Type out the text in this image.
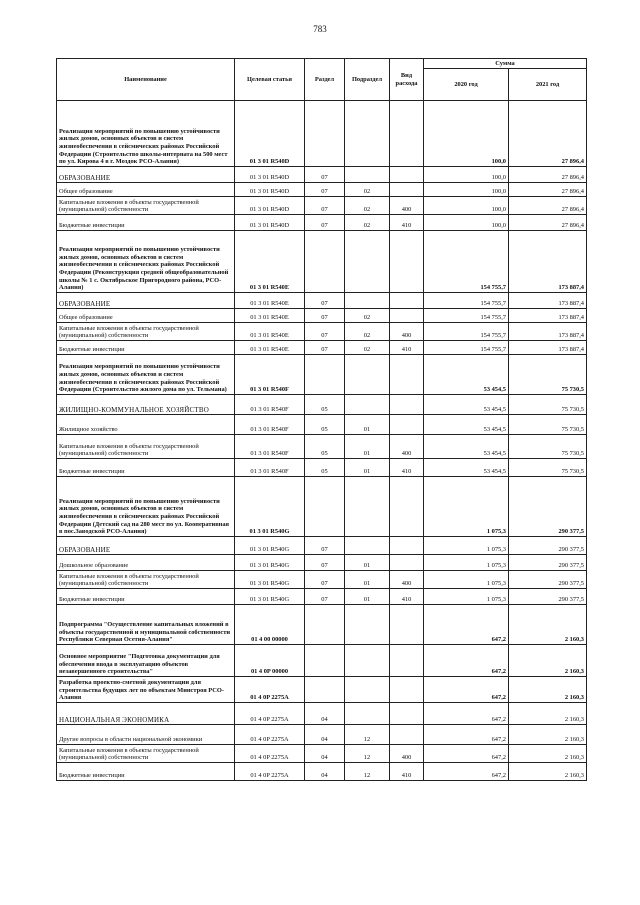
783
Наименование	Целевая статья	Раздел	Подраздел	Вид расхода	Сумма	
					2020 год	2021 год
Реализация мероприятий по повышению устойчивости жилых домов, основных объектов и систем жизнеобеспечения в сейсмических районах Российской Федерации (Строительство школы-интерната на 500 мест по ул. Кирова 4 в г. Моздок РСО-Алания)	01 3 01 R540D				100,0	27 896,4
ОБРАЗОВАНИЕ	01 3 01 R540D	07			100,0	27 896,4
Общее образование	01 3 01 R540D	07	02		100,0	27 896,4
Капитальные вложения в объекты государственной (муниципальной) собственности	01 3 01 R540D	07	02	400	100,0	27 896,4
Бюджетные инвестиции	01 3 01 R540D	07	02	410	100,0	27 896,4
Реализация мероприятий по повышению устойчивости жилых домов, основных объектов и систем жизнеобеспечения в сейсмических районах Российской Федерации (Реконструкция средней общеобразовательной школы № 1 с. Октябрьское Пригородного района, РСО-Алания)	01 3 01 R540E				154 755,7	173 887,4
ОБРАЗОВАНИЕ	01 3 01 R540E	07			154 755,7	173 887,4
Общее образование	01 3 01 R540E	07	02		154 755,7	173 887,4
Капитальные вложения в объекты государственной (муниципальной) собственности	01 3 01 R540E	07	02	400	154 755,7	173 887,4
Бюджетные инвестиции	01 3 01 R540E	07	02	410	154 755,7	173 887,4
Реализация мероприятий по повышению устойчивости жилых домов, основных объектов и систем жизнеобеспечения в сейсмических районах Российской Федерации (Строительство жилого дома по ул. Тельмана)	01 3 01 R540F				53 454,5	75 730,5
ЖИЛИЩНО-КОММУНАЛЬНОЕ ХОЗЯЙСТВО	01 3 01 R540F	05			53 454,5	75 730,5
Жилищное хозяйство	01 3 01 R540F	05	01		53 454,5	75 730,5
Капитальные вложения в объекты государственной (муниципальной) собственности	01 3 01 R540F	05	01	400	53 454,5	75 730,5
Бюджетные инвестиции	01 3 01 R540F	05	01	410	53 454,5	75 730,5
Реализация мероприятий по повышению устойчивости жилых домов, основных объектов и систем жизнеобеспечения в сейсмических районах Российской Федерации (Детский сад на 280 мест по ул. Кооперативная в пос.Заводской РСО-Алания)	01 3 01 R540G				1 075,3	290 377,5
ОБРАЗОВАНИЕ	01 3 01 R540G	07			1 075,3	290 377,5
Дошкольное образование	01 3 01 R540G	07	01		1 075,3	290 377,5
Капитальные вложения в объекты государственной (муниципальной) собственности	01 3 01 R540G	07	01	400	1 075,3	290 377,5
Бюджетные инвестиции	01 3 01 R540G	07	01	410	1 075,3	290 377,5
Подпрограмма "Осуществление капитальных вложений в объекты государственной и муниципальной собственности Республики Северная Осетия-Алания"	01 4 00 00000				647,2	2 160,3
Основное мероприятие "Подготовка документации для обеспечения ввода в эксплуатацию объектов незавершенного строительства"	01 4 0P 00000				647,2	2 160,3
Разработка проектно-сметной документации для строительства будущих лет по объектам Минстроя РСО-Алания	01 4 0P 2275A				647,2	2 160,3
НАЦИОНАЛЬНАЯ ЭКОНОМИКА	01 4 0P 2275A	04			647,2	2 160,3
Другие вопросы в области национальной экономики	01 4 0P 2275A	04	12		647,2	2 160,3
Капитальные вложения в объекты государственной (муниципальной) собственности	01 4 0P 2275A	04	12	400	647,2	2 160,3
Бюджетные инвестиции	01 4 0P 2275A	04	12	410	647,2	2 160,3
